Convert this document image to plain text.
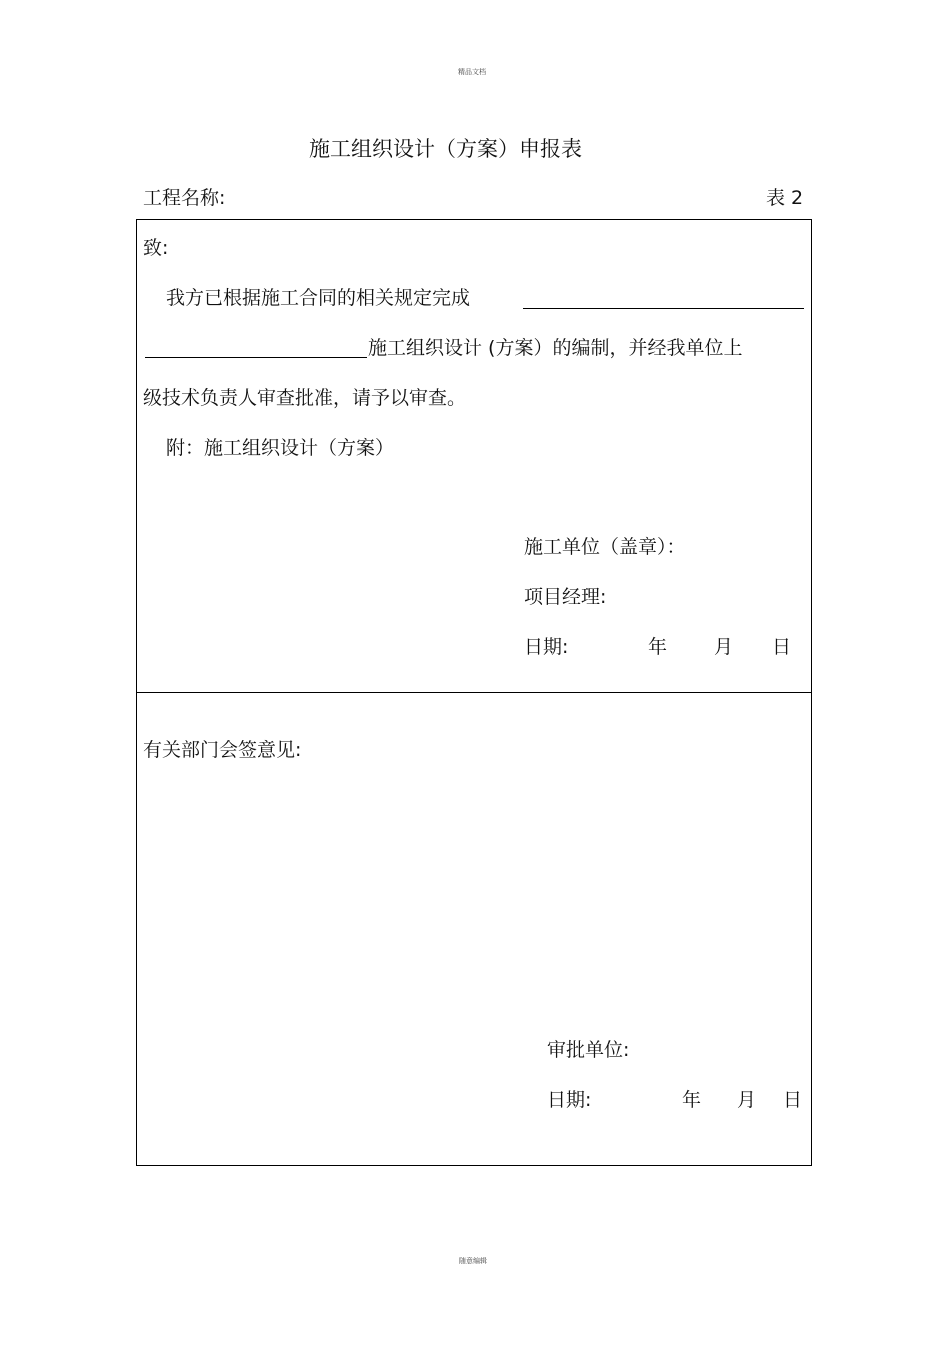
精品文档
施工组织设计（方案）申报表
工程名称:	表 2
致:
我方已根据施工合同的相关规定完成
施工组织设计 (方案）的编制，并经我单位上
级技术负责人审查批准，请予以审查。
附：施工组织设计（方案）
施工单位（盖章）：
项目经理:
日期:	年 月 日
有关部门会签意见:
审批单位:
日期:	年 月 日
随意编辑
